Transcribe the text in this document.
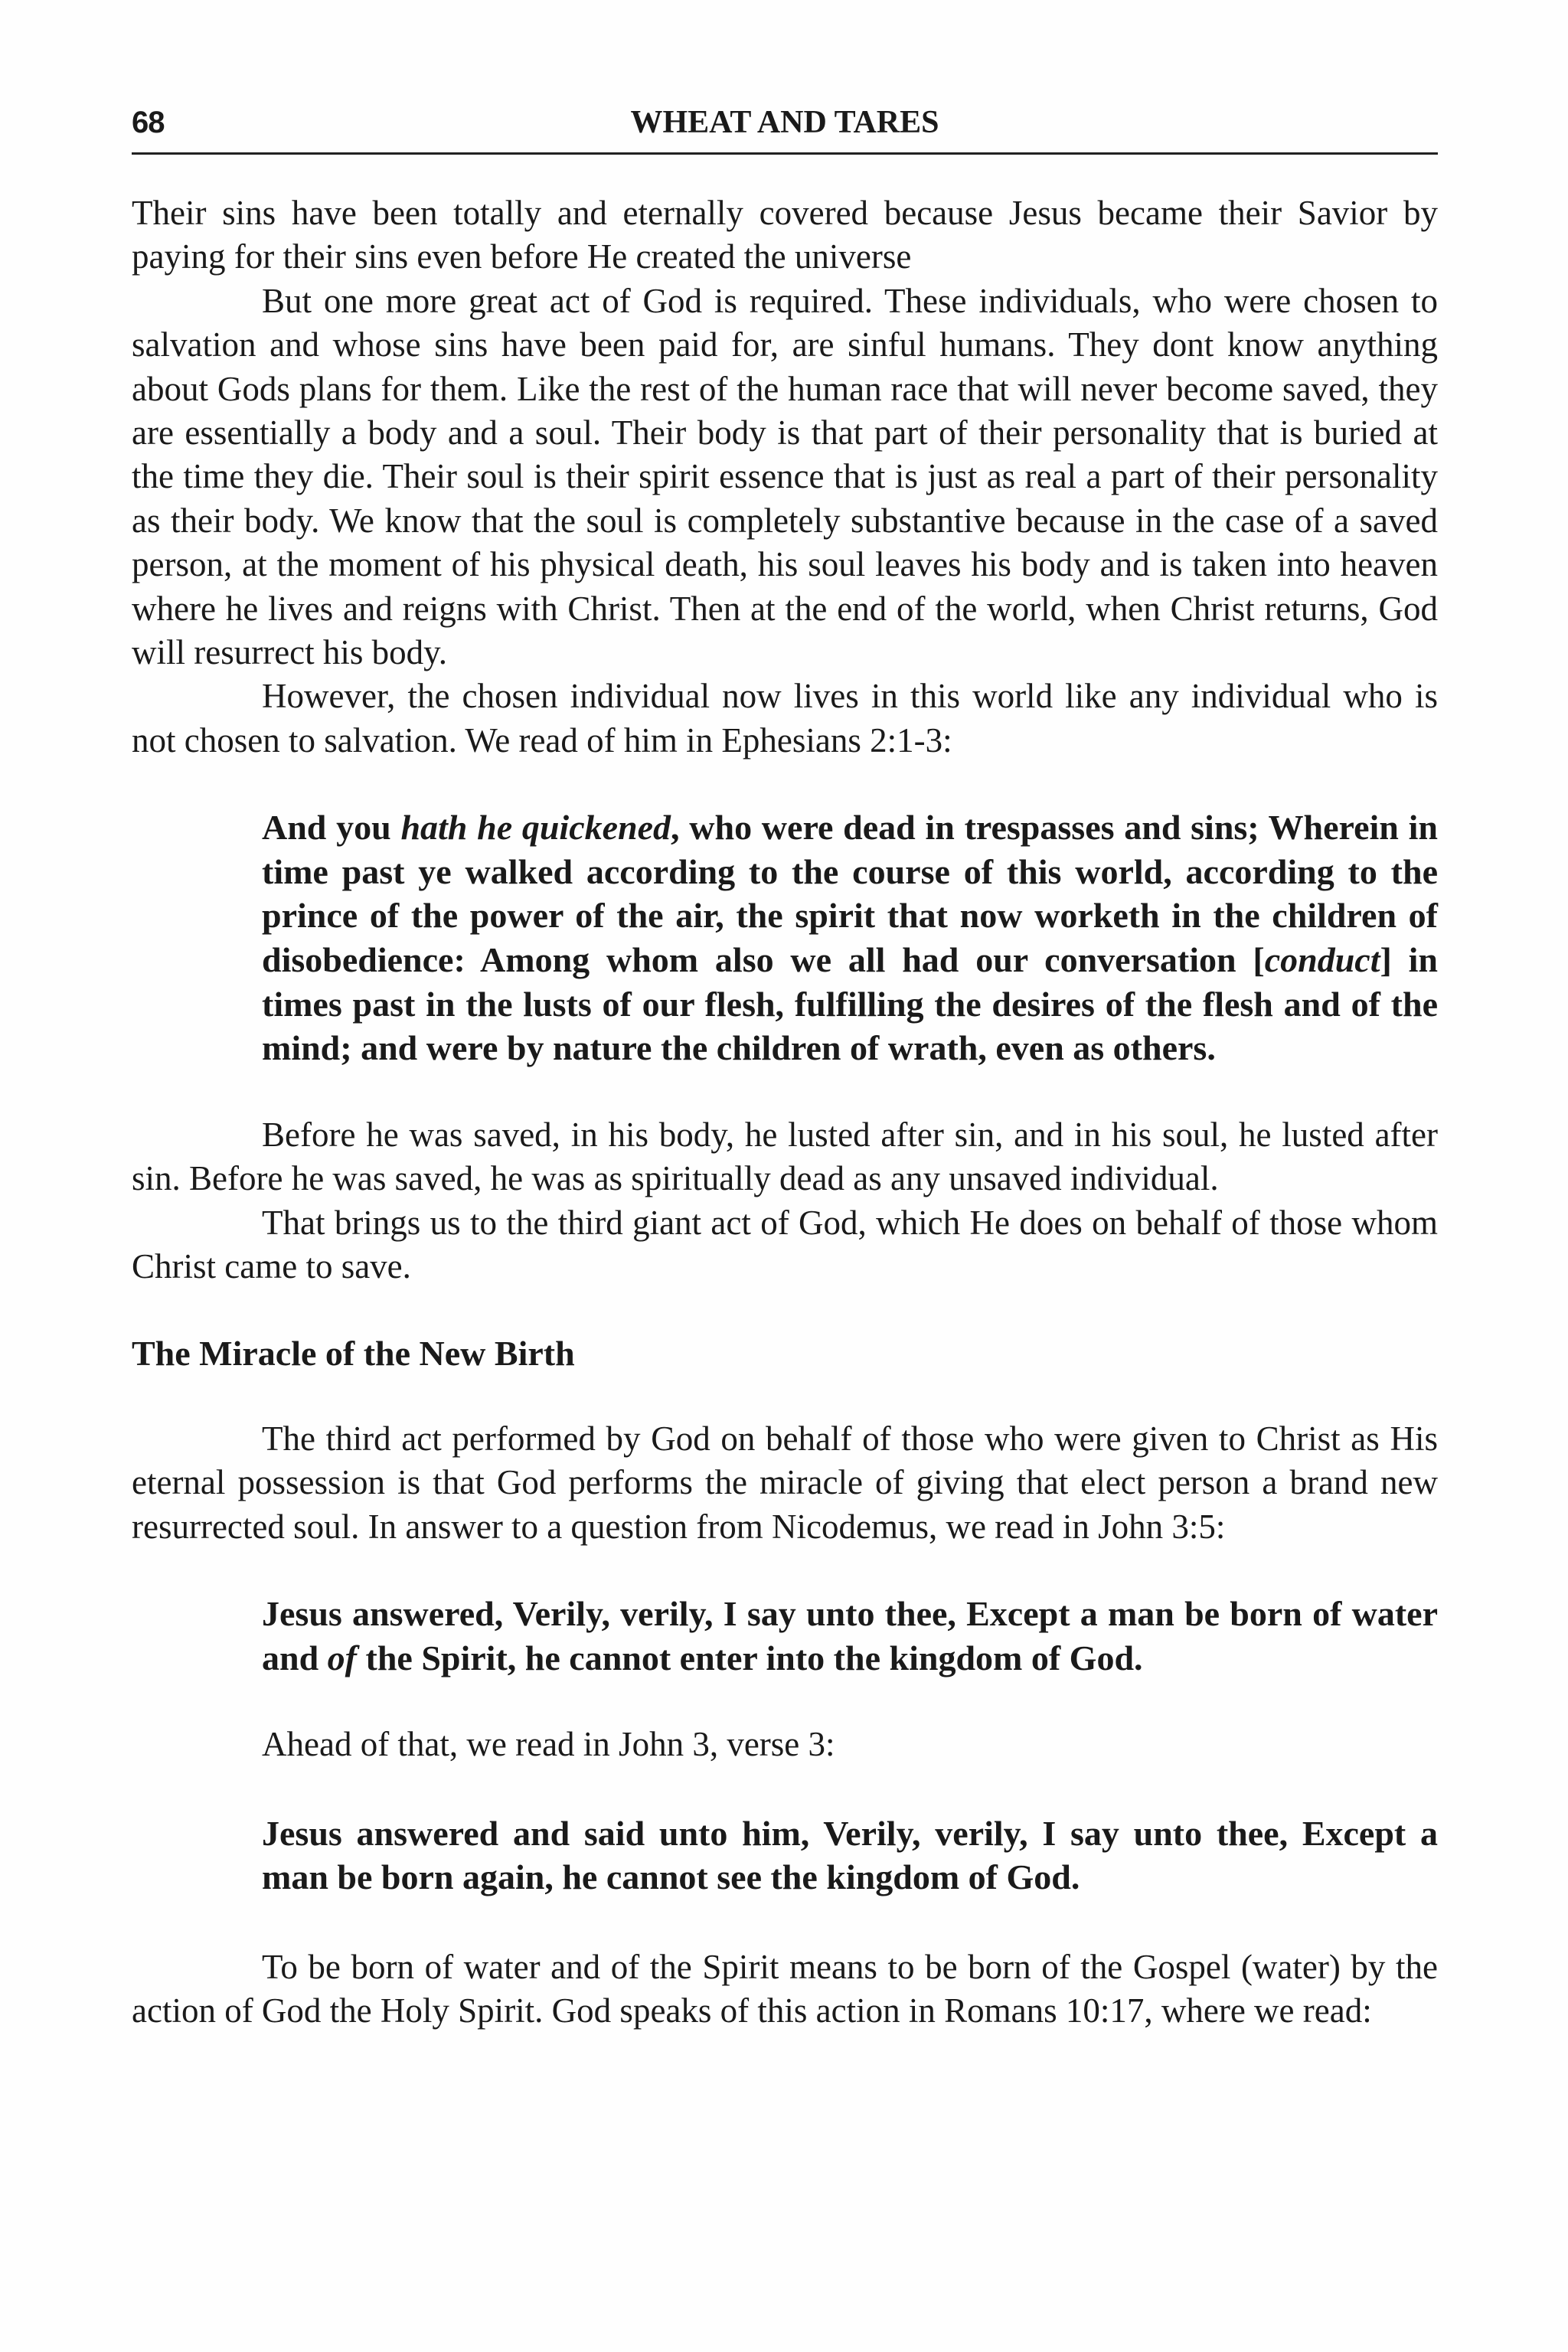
68	WHEAT AND TARES

Their sins have been totally and eternally covered because Jesus became their Savior by paying for their sins even before He created the universe

But one more great act of God is required. These individuals, who were chosen to salvation and whose sins have been paid for, are sinful humans. They dont know anything about Gods plans for them. Like the rest of the human race that will never become saved, they are essentially a body and a soul. Their body is that part of their personality that is buried at the time they die. Their soul is their spirit essence that is just as real a part of their personality as their body. We know that the soul is completely substantive because in the case of a saved person, at the moment of his physical death, his soul leaves his body and is taken into heaven where he lives and reigns with Christ. Then at the end of the world, when Christ returns, God will resurrect his body.

However, the chosen individual now lives in this world like any individual who is not chosen to salvation. We read of him in Ephesians 2:1-3:

And you hath he quickened, who were dead in trespasses and sins; Wherein in time past ye walked according to the course of this world, according to the prince of the power of the air, the spirit that now worketh in the children of disobedience: Among whom also we all had our conversation [conduct] in times past in the lusts of our flesh, fulfilling the desires of the flesh and of the mind; and were by nature the children of wrath, even as others.

Before he was saved, in his body, he lusted after sin, and in his soul, he lusted after sin. Before he was saved, he was as spiritually dead as any unsaved individual.

That brings us to the third giant act of God, which He does on behalf of those whom Christ came to save.

The Miracle of the New Birth

The third act performed by God on behalf of those who were given to Christ as His eternal possession is that God performs the miracle of giving that elect person a brand new resurrected soul. In answer to a question from Nicodemus, we read in John 3:5:

Jesus answered, Verily, verily, I say unto thee, Except a man be born of water and of the Spirit, he cannot enter into the kingdom of God.

Ahead of that, we read in John 3, verse 3:

Jesus answered and said unto him, Verily, verily, I say unto thee, Except a man be born again, he cannot see the kingdom of God.

To be born of water and of the Spirit means to be born of the Gospel (water) by the action of God the Holy Spirit. God speaks of this action in Romans 10:17, where we read:
